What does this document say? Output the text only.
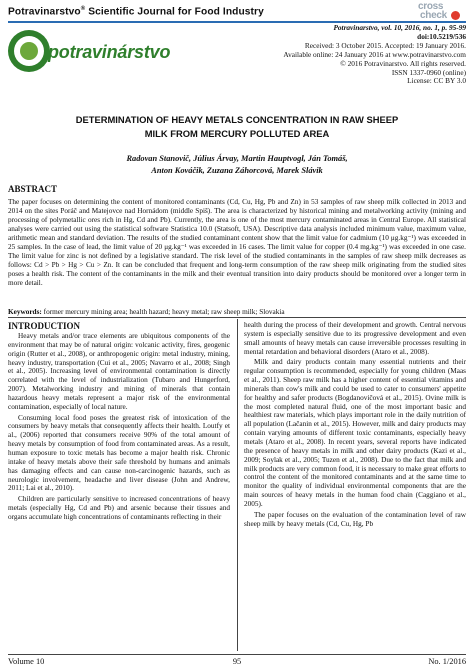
Potravinarstvo® Scientific Journal for Food Industry	cross
check
potravinárstvo
Potravinarstvo, vol. 10, 2016, no. 1, p. 95-99
doi:10.5219/536
Received: 3 October 2015. Accepted: 19 January 2016.
Available online: 24 January 2016 at www.potravinarstvo.com
© 2016 Potravinarstvo. All rights reserved.
ISSN 1337-0960 (online)
License: CC BY 3.0
DETERMINATION OF HEAVY METALS CONCENTRATION IN RAW SHEEP
MILK FROM MERCURY POLLUTED AREA
Radovan Stanovič, Július Árvay, Martin Hauptvogl, Ján Tomáš,
Anton Kováčik, Zuzana Záhorcová, Marek Slávik
ABSTRACT
The paper focuses on determining the content of monitored contaminants (Cd, Cu, Hg, Pb and Zn) in 53 samples of raw sheep milk collected in 2013 and 2014 on the sites Poráč and Matejovce nad Hornádom (middle Spiš). The area is characterized by historical mining and metalworking activity (mining and processing of polymetallic ores rich in Hg, Cd and Pb). Currently, the area is one of the most mercury contaminated areas in Central Europe. All statistical analyses were carried out using the statistical software Statistica 10.0 (Statsoft, USA). Descriptive data analysis included minimum value, maximum value, arithmetic mean and standard deviation. The results of the studied contaminant content show that the limit value for cadmium (10 μg.kg⁻¹) was exceeded in 25 samples. In the case of lead, the limit value of 20 μg.kg⁻¹ was exceeded in 16 cases. The limit value for copper (0.4 mg.kg⁻¹) was exceeded in one case. The limit value for zinc is not defined by a legislative standard. The risk level of the studied contaminants in the samples of raw sheep milk decreases as follows: Cd > Pb > Hg > Cu > Zn. It can be concluded that frequent and long-term consumption of the raw sheep milk originating from the studied sites poses a health risk. The content of the contaminants in the milk and their eventual transition into dairy products should be monitored over a longer term in more detail.
Keywords: former mercury mining area; health hazard; heavy metal; raw sheep milk; Slovakia
INTRODUCTION
Heavy metals and/or trace elements are ubiquitous components of the environment that may be of natural origin: volcanic activity, fires, geogenic origin (Rutter et al., 2008), or anthropogenic origin: metal industry, mining, heavy industry, transportation (Cui et al., 2005; Navarro et al., 2008; Singh et al., 2005). Increasing level of environmental contamination is directly correlated with the level of industrialization (Tubaro and Hungerford, 2007). Metalworking industry and mining of minerals that contain hazardous heavy metals represent a major risk of the environmental contamination, especially of local nature.
Consuming local food poses the greatest risk of intoxication of the consumers by heavy metals that consequently affects their health. Loutfy et al., (2006) reported that consumers receive 90% of the total amount of heavy metals by consumption of food from contaminated areas. As a result, human exposure to toxic metals has become a major health risk. Chronic intake of heavy metals above their safe threshold by humans and animals has damaging effects and can cause non-carcinogenic hazards, such as neurologic involvement, headache and liver disease (John and Andrew, 2011; Lai et al., 2010).
Children are particularly sensitive to increased concentrations of heavy metals (especially Hg, Cd and Pb) and arsenic because their tissues and organs accumulate high concentrations of contaminants reflecting in their
health during the process of their development and growth. Central nervous system is especially sensitive due to its progressive development and even small amounts of heavy metals can cause irreversible processes resulting in mental retardation and behavioral disorders (Ataro et al., 2008).
Milk and dairy products contain many essential nutrients and their regular consumption is recommended, especially for young children (Maas et al., 2011). Sheep raw milk has a higher content of essential vitamins and minerals than cow's milk and could be used to cater to consumers' appetite for healthy and safer products (Bogdanovičová et al., 2015). Ovine milk is the most completed natural fluid, one of the most important basic and healthiest raw materials, which plays important role in the daily nutrition of all population (Lačanin et al., 2015). However, milk and dairy products may contain varying amounts of different toxic contaminants, especially heavy metals (Ataro et al., 2008). In recent years, several reports have indicated the presence of heavy metals in milk and other dairy products (Kazi et al., 2009; Soylak et al., 2005; Tuzen et al., 2008). Due to the fact that milk and milk products are very common food, it is necessary to make great efforts to control the content of the monitored contaminants and at the same time to monitor the quality of individual environmental components that are the main sources of heavy metals in the human food chain (Caggiano et al., 2005).
The paper focuses on the evaluation of the contamination level of raw sheep milk by heavy metals (Cd, Cu, Hg, Pb
Volume 10	95	No. 1/2016
